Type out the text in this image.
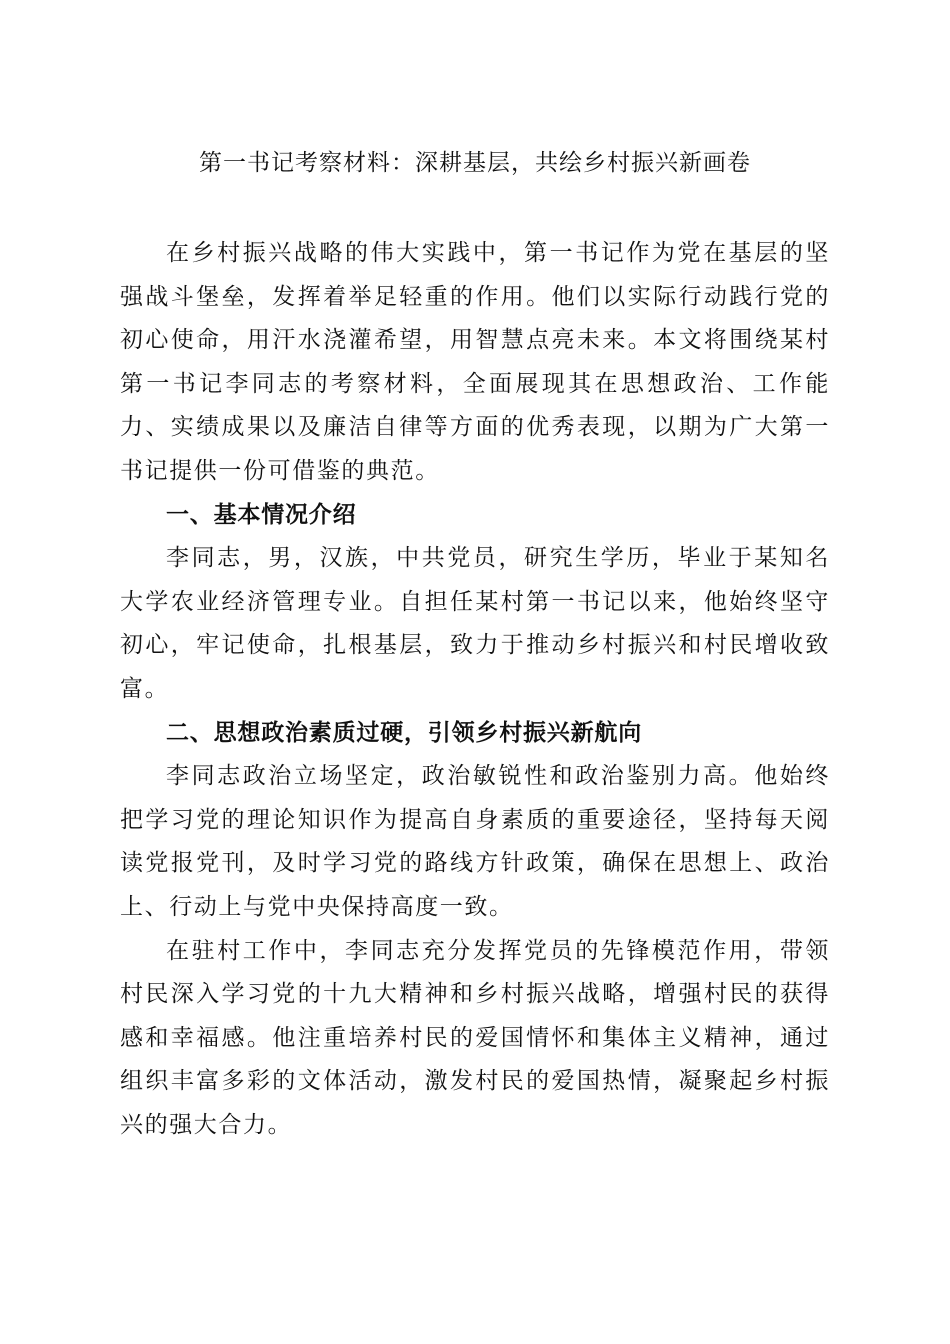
第一书记考察材料：深耕基层，共绘乡村振兴新画卷

在乡村振兴战略的伟大实践中，第一书记作为党在基层的坚强战斗堡垒，发挥着举足轻重的作用。他们以实际行动践行党的初心使命，用汗水浇灌希望，用智慧点亮未来。本文将围绕某村第一书记李同志的考察材料，全面展现其在思想政治、工作能力、实绩成果以及廉洁自律等方面的优秀表现，以期为广大第一书记提供一份可借鉴的典范。

一、基本情况介绍

李同志，男，汉族，中共党员，研究生学历，毕业于某知名大学农业经济管理专业。自担任某村第一书记以来，他始终坚守初心，牢记使命，扎根基层，致力于推动乡村振兴和村民增收致富。

二、思想政治素质过硬，引领乡村振兴新航向

李同志政治立场坚定，政治敏锐性和政治鉴别力高。他始终把学习党的理论知识作为提高自身素质的重要途径，坚持每天阅读党报党刊，及时学习党的路线方针政策，确保在思想上、政治上、行动上与党中央保持高度一致。

在驻村工作中，李同志充分发挥党员的先锋模范作用，带领村民深入学习党的十九大精神和乡村振兴战略，增强村民的获得感和幸福感。他注重培养村民的爱国情怀和集体主义精神，通过组织丰富多彩的文体活动，激发村民的爱国热情，凝聚起乡村振兴的强大合力。
